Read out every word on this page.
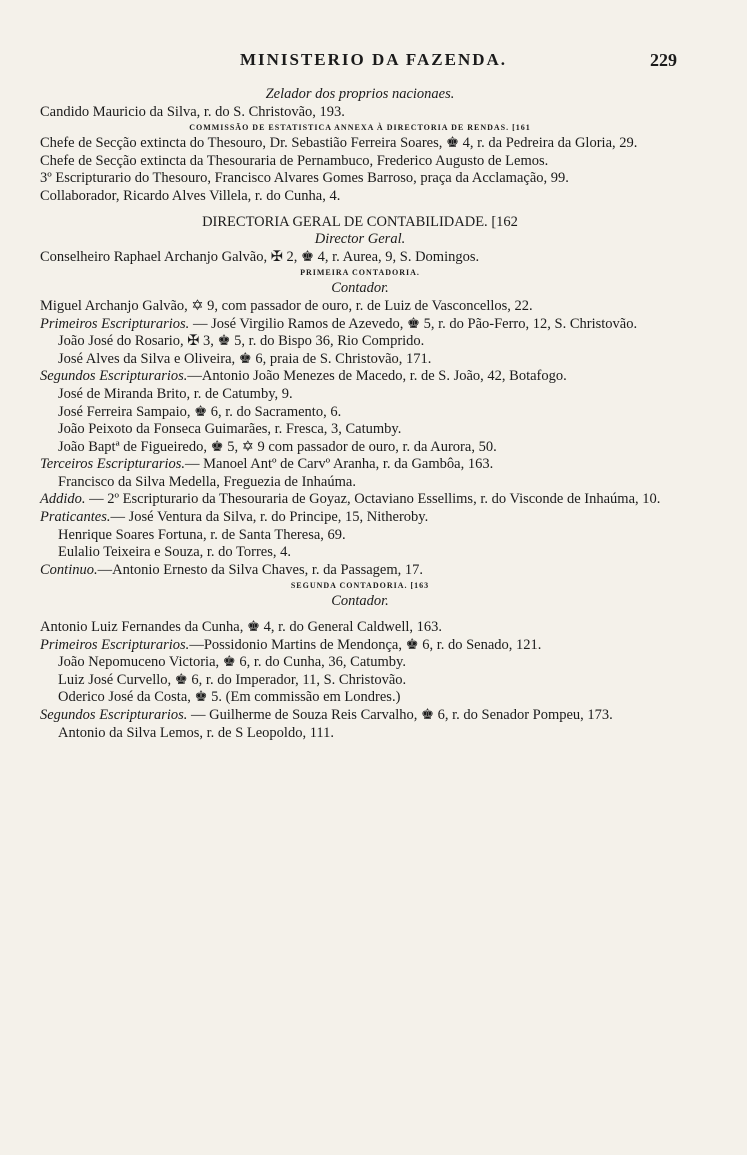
MINISTERIO DA FAZENDA.	229

Zelador dos proprios nacionaes.

Candido Mauricio da Silva, r. do S. Christovão, 193.

COMMISSÃO DE ESTATISTICA ANNEXA À DIRECTORIA DE RENDAS. [161

Chefe de Secção extincta do Thesouro, Dr. Sebastião Ferreira Soares, ♚ 4, r. da Pedreira da Gloria, 29.

Chefe de Secção extincta da Thesouraria de Pernambuco, Frederico Augusto de Lemos.

3º Escripturario do Thesouro, Francisco Alvares Gomes Barroso, praça da Acclamação, 99.

Collaborador, Ricardo Alves Villela, r. do Cunha, 4.

DIRECTORIA GERAL DE CONTABILIDADE. [162

Director Geral.

Conselheiro Raphael Archanjo Galvão, ✠ 2, ♚ 4, r. Aurea, 9, S. Domingos.

PRIMEIRA CONTADORIA.

Contador.

Miguel Archanjo Galvão, ✡ 9, com passador de ouro, r. de Luiz de Vasconcellos, 22.

Primeiros Escripturarios. — José Virgilio Ramos de Azevedo, ♚ 5, r. do Pão-Ferro, 12, S. Christovão.

João José do Rosario, ✠ 3, ♚ 5, r. do Bispo 36, Rio Comprido.

José Alves da Silva e Oliveira, ♚ 6, praia de S. Christovão, 171.

Segundos Escripturarios.—Antonio João Menezes de Macedo, r. de S. João, 42, Botafogo.

José de Miranda Brito, r. de Catumby, 9.

José Ferreira Sampaio, ♚ 6, r. do Sacramento, 6.

João Peixoto da Fonseca Guimarães, r. Fresca, 3, Catumby.

João Baptª de Figueiredo, ♚ 5, ✡ 9 com passador de ouro, r. da Aurora, 50.

Terceiros Escripturarios.— Manoel Antº de Carvº Aranha, r. da Gambôa, 163.

Francisco da Silva Medella, Freguezia de Inhaúma.

Addido. — 2º Escripturario da Thesouraria de Goyaz, Octaviano Essellims, r. do Visconde de Inhaúma, 10.

Praticantes.— José Ventura da Silva, r. do Principe, 15, Nitheroby.

Henrique Soares Fortuna, r. de Santa Theresa, 69.

Eulalio Teixeira e Souza, r. do Torres, 4.

Continuo.—Antonio Ernesto da Silva Chaves, r. da Passagem, 17.

SEGUNDA CONTADORIA. [163

Contador.

Antonio Luiz Fernandes da Cunha, ♚ 4, r. do General Caldwell, 163.

Primeiros Escripturarios.—Possidonio Martins de Mendonça, ♚ 6, r. do Senado, 121.

João Nepomuceno Victoria, ♚ 6, r. do Cunha, 36, Catumby.

Luiz José Curvello, ♚ 6, r. do Imperador, 11, S. Christovão.

Oderico José da Costa, ♚ 5. (Em commissão em Londres.)

Segundos Escripturarios. — Guilherme de Souza Reis Carvalho, ♚ 6, r. do Senador Pompeu, 173.

Antonio da Silva Lemos, r. de S Leopoldo, 111.
